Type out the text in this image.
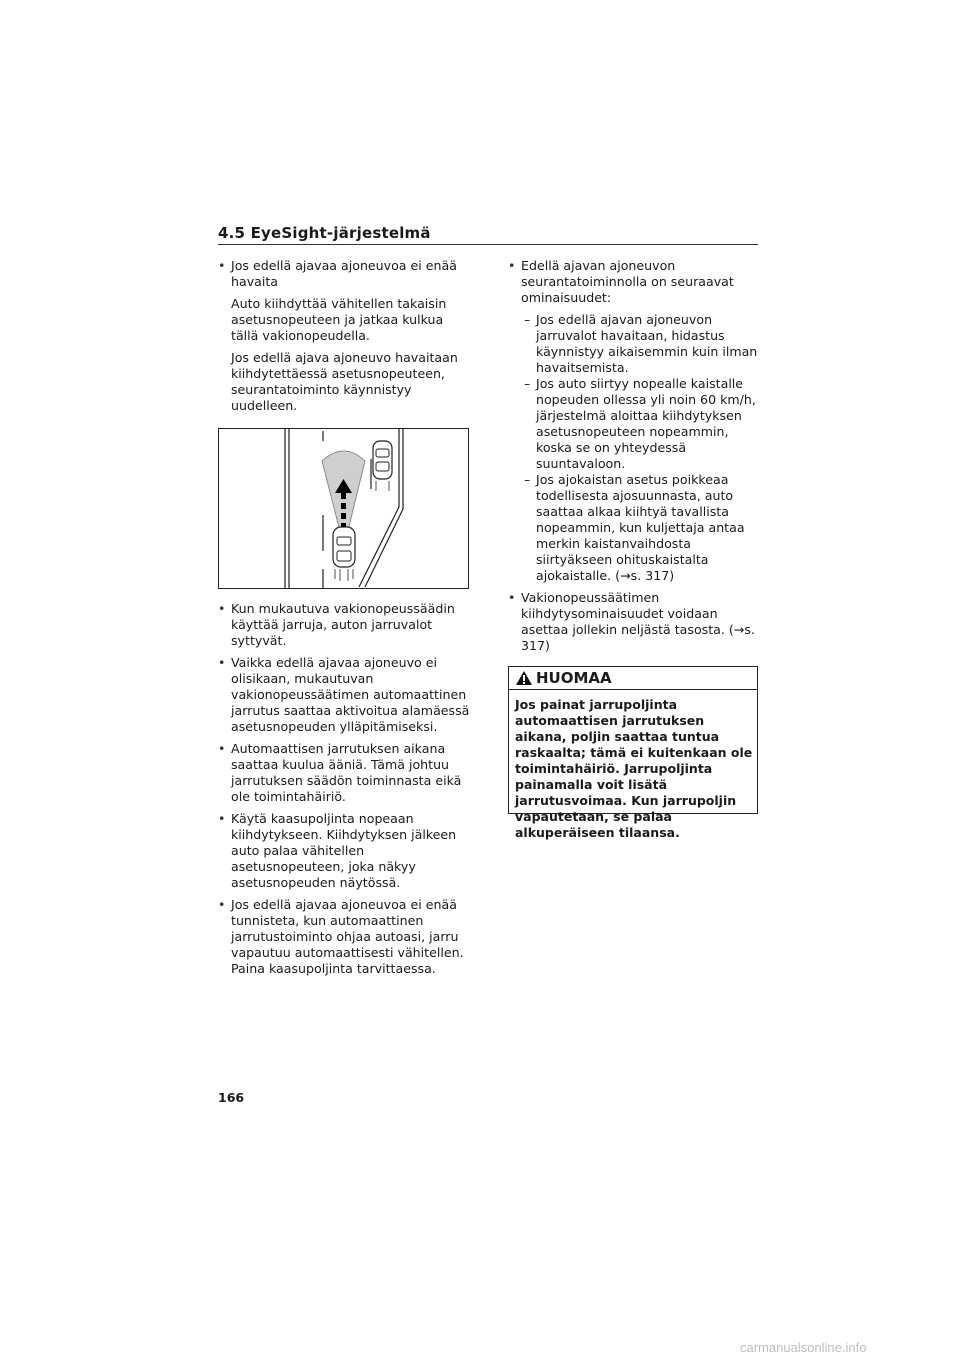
4.5 EyeSight-järjestelmä
• Jos edellä ajavaa ajoneuvoa ei enää havaita
Auto kiihdyttää vähitellen takaisin asetusnopeuteen ja jatkaa kulkua tällä vakionopeudella.
Jos edellä ajava ajoneuvo havaitaan kiihdytettäessä asetusnopeuteen, seurantatoiminto käynnistyy uudelleen.
• Kun mukautuva vakionopeussäädin käyttää jarruja, auton jarruvalot syttyvät.
• Vaikka edellä ajavaa ajoneuvo ei olisikaan, mukautuvan vakionopeussäätimen automaattinen jarrutus saattaa aktivoitua alamäessä asetusnopeuden ylläpitämiseksi.
• Automaattisen jarrutuksen aikana saattaa kuulua ääniä. Tämä johtuu jarrutuksen säädön toiminnasta eikä ole toimintahäiriö.
• Käytä kaasupoljinta nopeaan kiihdytykseen. Kiihdytyksen jälkeen auto palaa vähitellen asetusnopeuteen, joka näkyy asetusnopeuden näytössä.
• Jos edellä ajavaa ajoneuvoa ei enää tunnisteta, kun automaattinen jarrutustoiminto ohjaa autoasi, jarru vapautuu automaattisesti vähitellen. Paina kaasupoljinta tarvittaessa.
• Edellä ajavan ajoneuvon seurantatoiminnolla on seuraavat ominaisuudet:
– Jos edellä ajavan ajoneuvon jarruvalot havaitaan, hidastus käynnistyy aikaisemmin kuin ilman havaitsemista.
– Jos auto siirtyy nopealle kaistalle nopeuden ollessa yli noin 60 km/h, järjestelmä aloittaa kiihdytyksen asetusnopeuteen nopeammin, koska se on yhteydessä suuntavaloon.
– Jos ajokaistan asetus poikkeaa todellisesta ajosuunnasta, auto saattaa alkaa kiihtyä tavallista nopeammin, kun kuljettaja antaa merkin kaistanvaihdosta siirtyäkseen ohituskaistalta ajokaistalle. (→s. 317)
• Vakionopeussäätimen kiihdytysominaisuudet voidaan asettaa jollekin neljästä tasosta. (→s. 317)
HUOMAA
Jos painat jarrupoljinta automaattisen jarrutuksen aikana, poljin saattaa tuntua raskaalta; tämä ei kuitenkaan ole toimintahäiriö. Jarrupoljinta painamalla voit lisätä jarrutusvoimaa. Kun jarrupoljin vapautetaan, se palaa alkuperäiseen tilaansa.
166
carmanualsonline.info
